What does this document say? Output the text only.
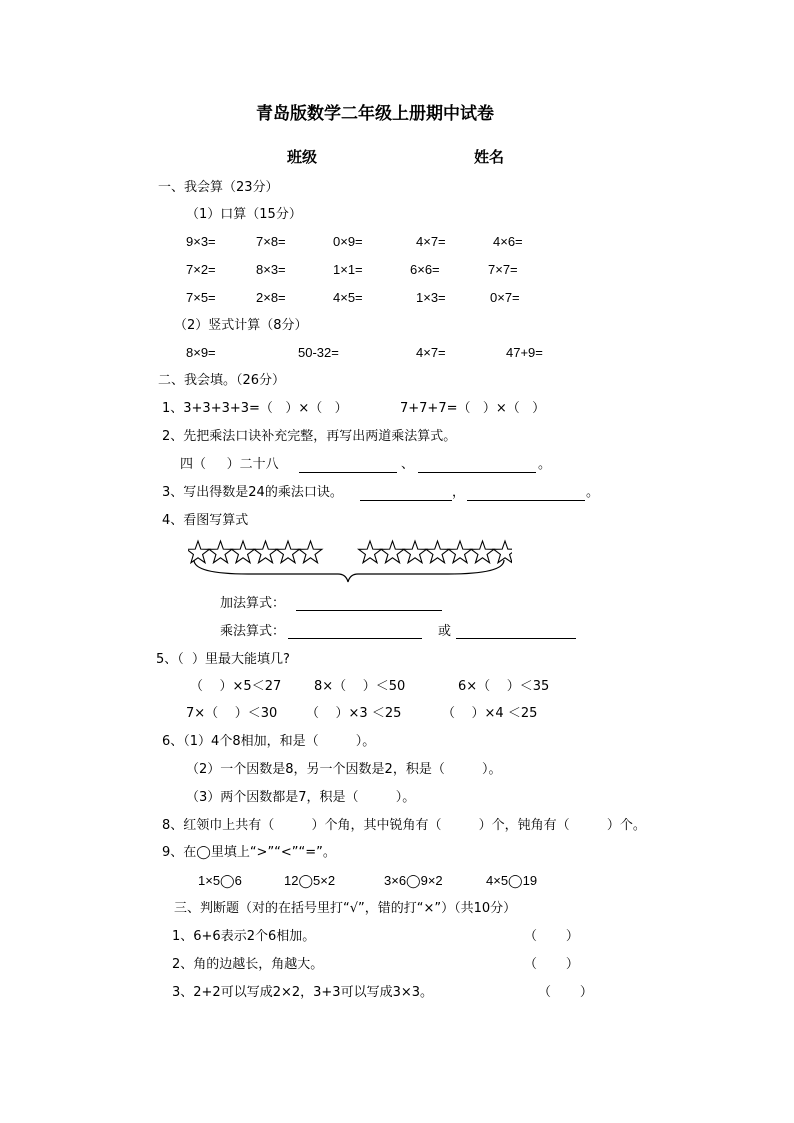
青岛版数学二年级上册期中试卷
班级	姓名
一、我会算（23分）
（1）口算（15分）
9×3=	7×8=	0×9=	4×7=	4×6=
7×2=	8×3=	1×1=	6×6=	7×7=
7×5=	2×8=	4×5=	1×3=	0×7=
（2）竖式计算（8分）
8×9=	50-32=	4×7=	47+9=
二、我会填。（26分）
1、3+3+3+3=（   ）×（   ）	7+7+7=（   ）×（   ）
2、先把乘法口诀补充完整，再写出两道乘法算式。
四（     ）二十八	、	。
3、写出得数是24的乘法口诀。	，	。
4、看图写算式
加法算式：
乘法算式：	或
5、（  ）里最大能填几?
（    ）×5＜27	8×（    ）＜50	6×（    ）＜35
7×（    ）＜30 （    ）×3 ＜25	（    ）×4 ＜25
6、（1）4个8相加，和是（         ）。
（2）一个因数是8，另一个因数是2，积是（         ）。
（3）两个因数都是7，积是（         ）。
8、红领巾上共有（         ）个角，其中锐角有（         ）个，钝角有（         ）个。
9、在◯里填上“>”“<”“=”。
1×5◯6	12◯5×2	3×6◯9×2	4×5◯19
三、判断题（对的在括号里打“√”，错的打“×”）（共10分）
1、6+6表示2个6相加。	（       ）
2、角的边越长，角越大。	（       ）
3、2+2可以写成2×2，3+3可以写成3×3。	（       ）
